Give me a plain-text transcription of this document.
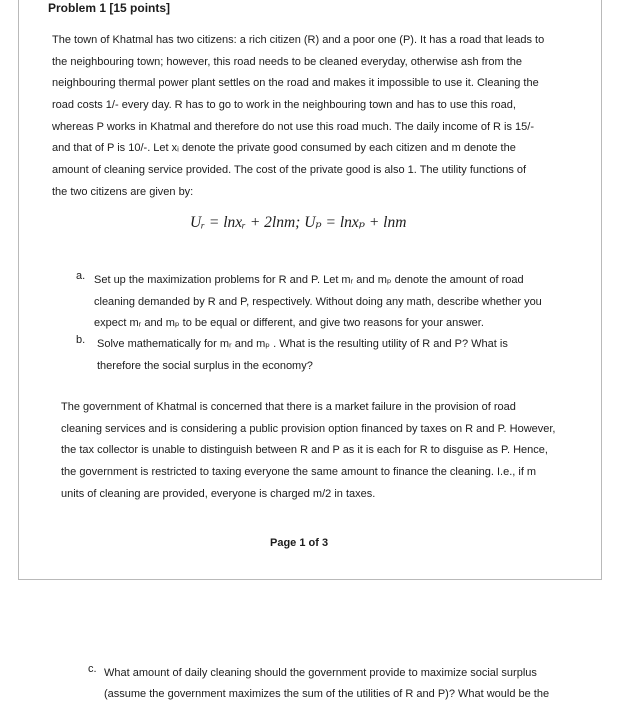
Problem 1 [15 points]
The town of Khatmal has two citizens: a rich citizen (R) and a poor one (P). It has a road that leads to
the neighbouring town; however, this road needs to be cleaned everyday, otherwise ash from the
neighbouring thermal power plant settles on the road and makes it impossible to use it. Cleaning the
road costs 1/- every day. R has to go to work in the neighbouring town and has to use this road,
whereas P works in Khatmal and therefore do not use this road much. The daily income of R is 15/-
and that of P is 10/-. Let xᵢ denote the private good consumed by each citizen and m denote the
amount of cleaning service provided. The cost of the private good is also 1. The utility functions of
the two citizens are given by:
Uᵣ = lnxᵣ + 2lnm; Uₚ = lnxₚ + lnm
a. Set up the maximization problems for R and P. Let mᵣ and mₚ denote the amount of road
cleaning demanded by R and P, respectively. Without doing any math, describe whether you
expect mᵣ and mₚ to be equal or different, and give two reasons for your answer.
b. Solve mathematically for mᵣ and mₚ . What is the resulting utility of R and P? What is
therefore the social surplus in the economy?
The government of Khatmal is concerned that there is a market failure in the provision of road
cleaning services and is considering a public provision option financed by taxes on R and P. However,
the tax collector is unable to distinguish between R and P as it is each for R to disguise as P. Hence,
the government is restricted to taxing everyone the same amount to finance the cleaning. I.e., if m
units of cleaning are provided, everyone is charged m/2 in taxes.
Page 1 of 3
c. What amount of daily cleaning should the government provide to maximize social surplus
(assume the government maximizes the sum of the utilities of R and P)? What would be the
